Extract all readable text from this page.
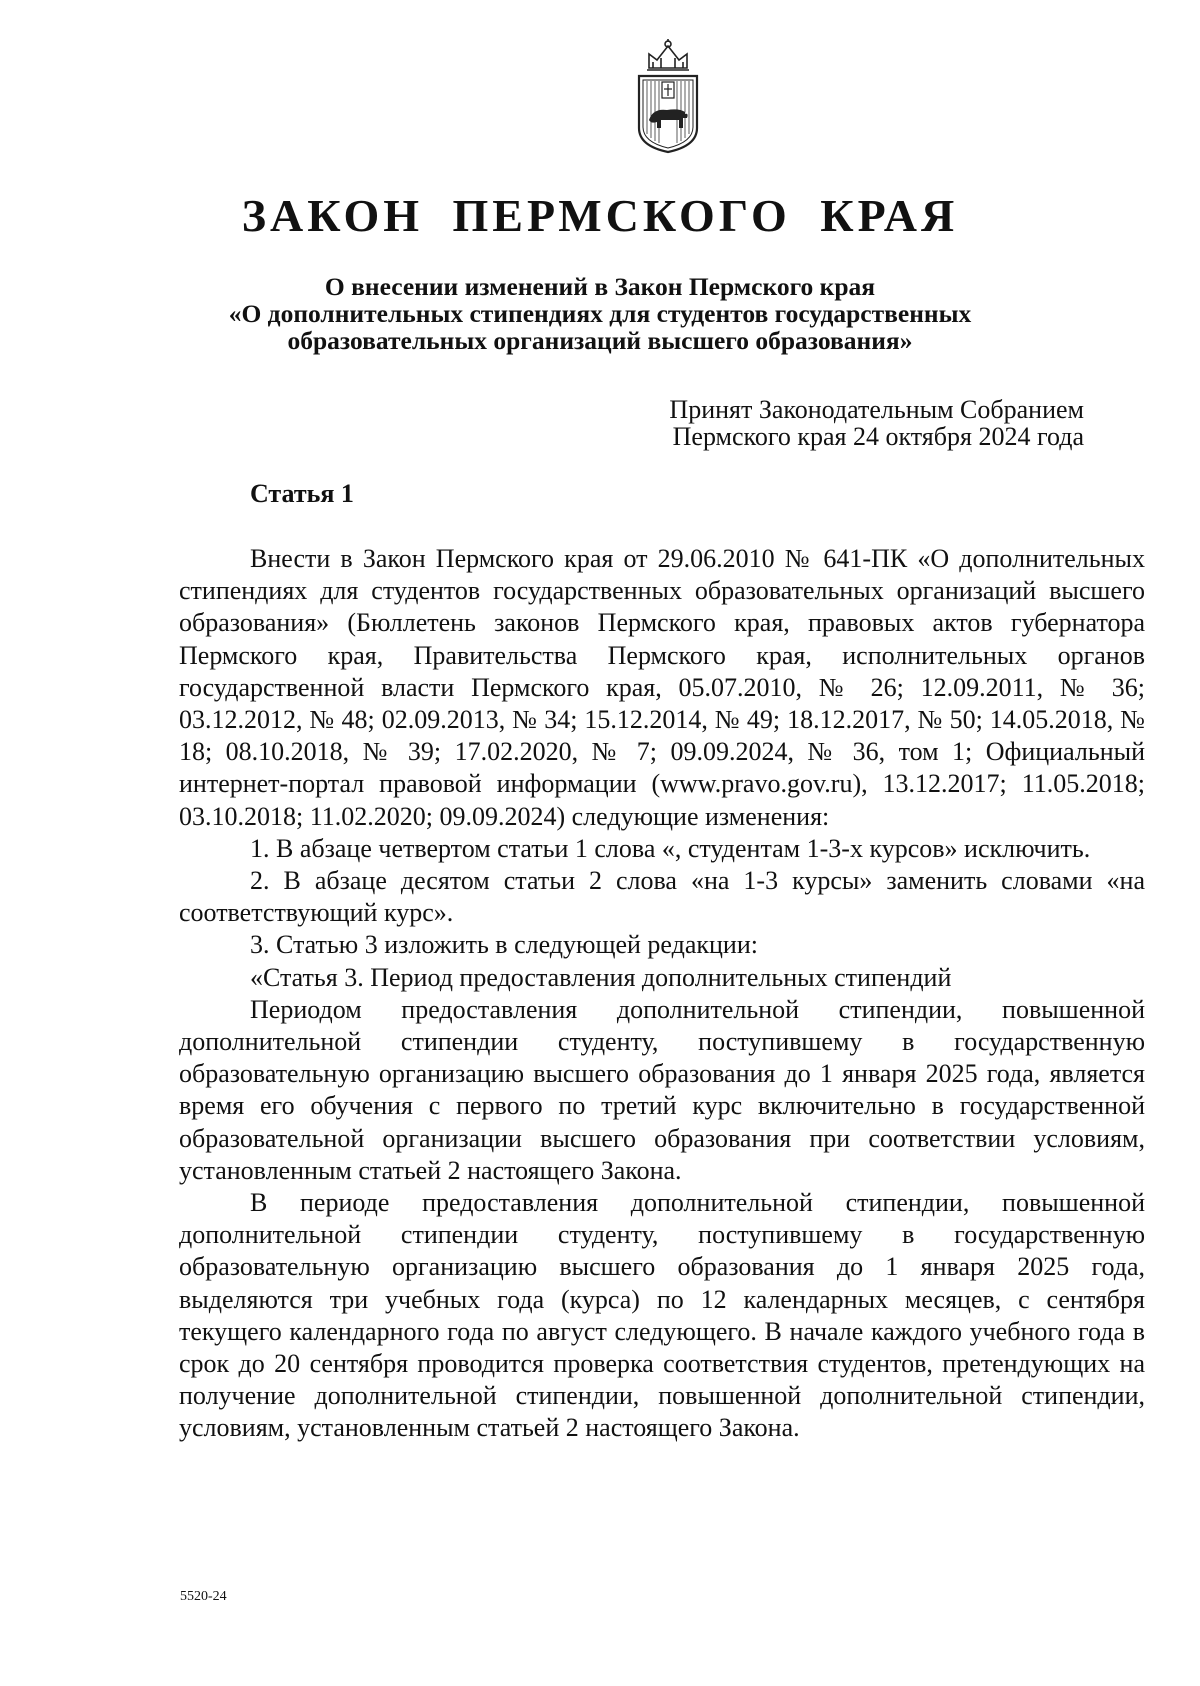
ЗАКОН ПЕРМСКОГО КРАЯ
О внесении изменений в Закон Пермского края
«О дополнительных стипендиях для студентов государственных
образовательных организаций высшего образования»
Принят Законодательным Собранием
Пермского края 24 октября 2024 года
Статья 1

Внести в Закон Пермского края от 29.06.2010 № 641-ПК «О дополнительных стипендиях для студентов государственных образовательных организаций высшего образования» (Бюллетень законов Пермского края, правовых актов губернатора Пермского края, Правительства Пермского края, исполнительных органов государственной власти Пермского края, 05.07.2010, № 26; 12.09.2011, № 36; 03.12.2012, № 48; 02.09.2013, № 34; 15.12.2014, № 49; 18.12.2017, № 50; 14.05.2018, № 18; 08.10.2018, № 39; 17.02.2020, № 7; 09.09.2024, № 36, том 1; Официальный интернет-портал правовой информации (www.pravo.gov.ru), 13.12.2017; 11.05.2018; 03.10.2018; 11.02.2020; 09.09.2024) следующие изменения:

1. В абзаце четвертом статьи 1 слова «, студентам 1-3-х курсов» исключить.

2. В абзаце десятом статьи 2 слова «на 1-3 курсы» заменить словами «на соответствующий курс».

3. Статью 3 изложить в следующей редакции:

«Статья 3. Период предоставления дополнительных стипендий

Периодом предоставления дополнительной стипендии, повышенной дополнительной стипендии студенту, поступившему в государственную образовательную организацию высшего образования до 1 января 2025 года, является время его обучения с первого по третий курс включительно в государственной образовательной организации высшего образования при соответствии условиям, установленным статьей 2 настоящего Закона.

В периоде предоставления дополнительной стипендии, повышенной дополнительной стипендии студенту, поступившему в государственную образовательную организацию высшего образования до 1 января 2025 года, выделяются три учебных года (курса) по 12 календарных месяцев, с сентября текущего календарного года по август следующего. В начале каждого учебного года в срок до 20 сентября проводится проверка соответствия студентов, претендующих на получение дополнительной стипендии, повышенной дополнительной стипендии, условиям, установленным статьей 2 настоящего Закона.

5520-24
